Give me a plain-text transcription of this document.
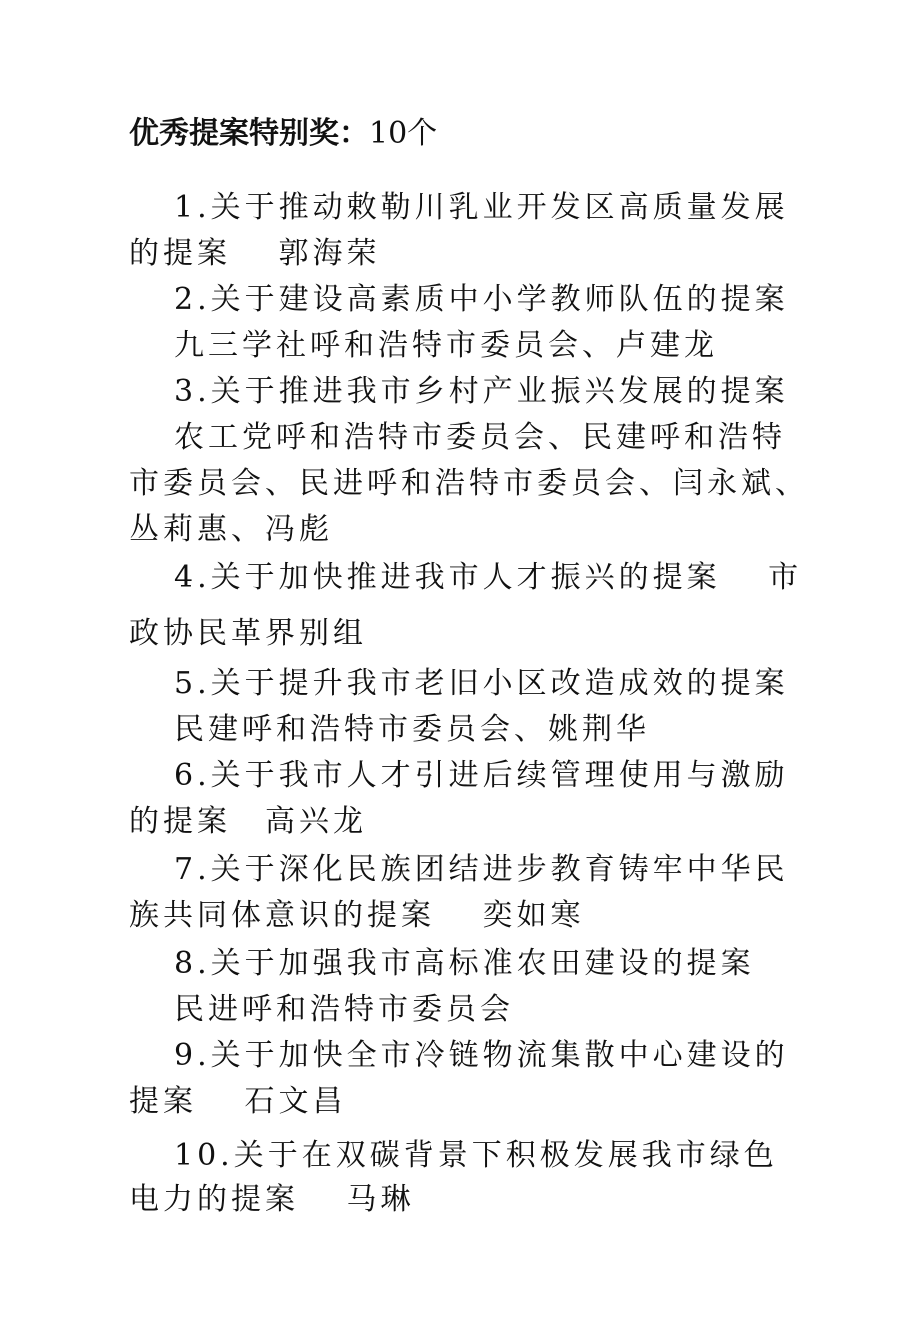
优秀提案特别奖：10个
1.关于推动敕勒川乳业开发区高质量发展
的提案　 郭海荣
2.关于建设高素质中小学教师队伍的提案
九三学社呼和浩特市委员会、卢建龙
3.关于推进我市乡村产业振兴发展的提案
农工党呼和浩特市委员会、民建呼和浩特
市委员会、民进呼和浩特市委员会、闫永斌、
丛莉惠、冯彪
4.关于加快推进我市人才振兴的提案　 市
政协民革界别组
5.关于提升我市老旧小区改造成效的提案
民建呼和浩特市委员会、姚荆华
6.关于我市人才引进后续管理使用与激励
的提案　高兴龙
7.关于深化民族团结进步教育铸牢中华民
族共同体意识的提案　 奕如寒
8.关于加强我市高标准农田建设的提案
民进呼和浩特市委员会
9.关于加快全市冷链物流集散中心建设的
提案　 石文昌
10.关于在双碳背景下积极发展我市绿色
电力的提案　 马琳
